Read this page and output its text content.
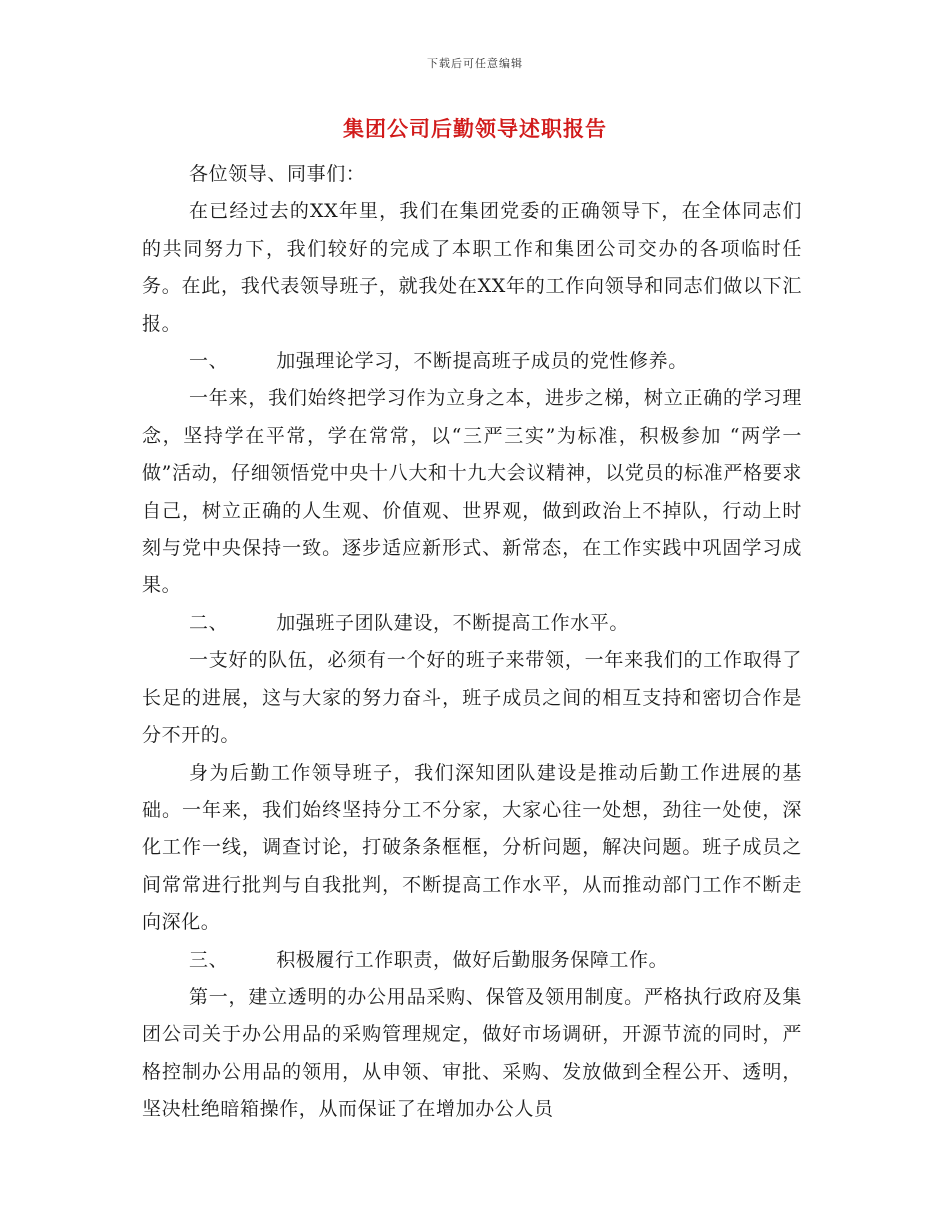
下载后可任意编辑
集团公司后勤领导述职报告

各位领导、同事们：

在已经过去的XX年里，我们在集团党委的正确领导下，在全体同志们的共同努力下，我们较好的完成了本职工作和集团公司交办的各项临时任务。在此，我代表领导班子，就我处在XX年的工作向领导和同志们做以下汇报。

一、	加强理论学习，不断提高班子成员的党性修养。

一年来，我们始终把学习作为立身之本，进步之梯，树立正确的学习理念，坚持学在平常，学在常常，以“三严三实”为标准，积极参加 “两学一做”活动，仔细领悟党中央十八大和十九大会议精神，以党员的标准严格要求自己，树立正确的人生观、价值观、世界观，做到政治上不掉队，行动上时刻与党中央保持一致。逐步适应新形式、新常态，在工作实践中巩固学习成果。

二、	加强班子团队建设，不断提高工作水平。

一支好的队伍，必须有一个好的班子来带领，一年来我们的工作取得了长足的进展，这与大家的努力奋斗，班子成员之间的相互支持和密切合作是分不开的。

身为后勤工作领导班子，我们深知团队建设是推动后勤工作进展的基础。一年来，我们始终坚持分工不分家，大家心往一处想，劲往一处使，深化工作一线，调查讨论，打破条条框框，分析问题，解决问题。班子成员之间常常进行批判与自我批判，不断提高工作水平，从而推动部门工作不断走向深化。

三、	积极履行工作职责，做好后勤服务保障工作。

第一，建立透明的办公用品采购、保管及领用制度。严格执行政府及集团公司关于办公用品的采购管理规定，做好市场调研，开源节流的同时，严格控制办公用品的领用，从申领、审批、采购、发放做到全程公开、透明，坚决杜绝暗箱操作，从而保证了在增加办公人员
